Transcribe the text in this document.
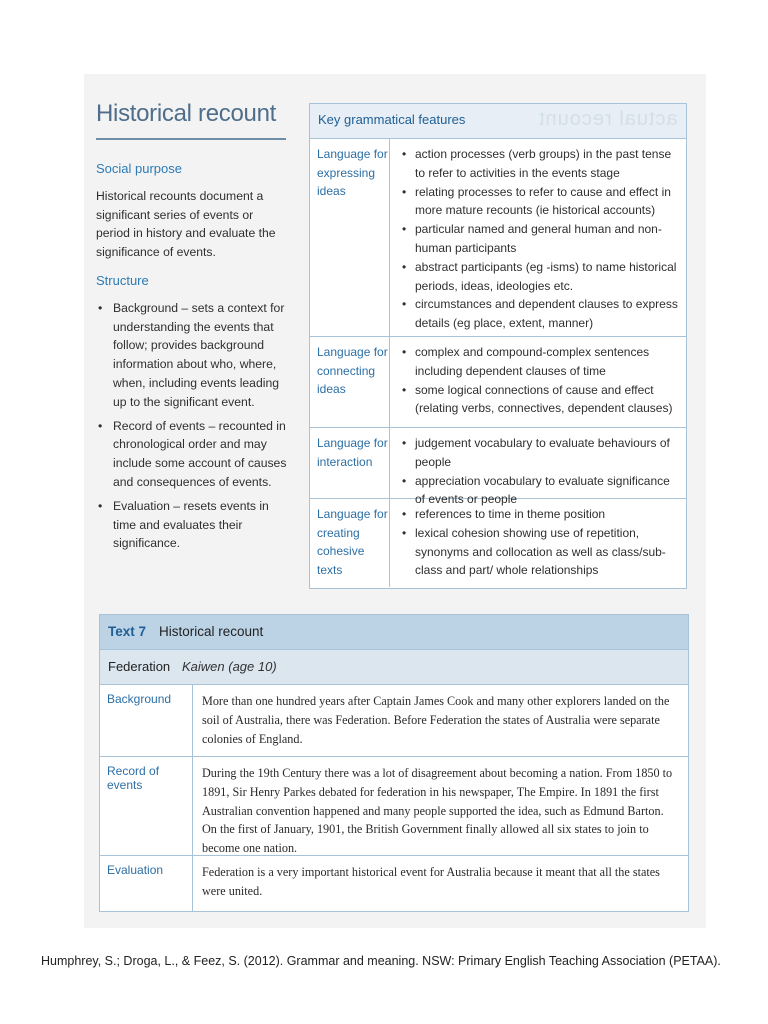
Historical recount
Social purpose

Historical recounts document a significant series of events or period in history and evaluate the significance of events.

Structure
• Background – sets a context for understanding the events that follow; provides background information about who, where, when, including events leading up to the significant event.
• Record of events – recounted in chronological order and may include some account of causes and consequences of events.
• Evaluation – resets events in time and evaluates their significance.
Key grammatical features	actual recount
Language for expressing ideas
• action processes (verb groups) in the past tense to refer to activities in the events stage
• relating processes to refer to cause and effect in more mature recounts (ie historical accounts)
• particular named and general human and non-human participants
• abstract participants (eg -isms) to name historical periods, ideas, ideologies etc.
• circumstances and dependent clauses to express details (eg place, extent, manner)
Language for connecting ideas
• complex and compound-complex sentences including dependent clauses of time
• some logical connections of cause and effect (relating verbs, connectives, dependent clauses)
Language for interaction
• judgement vocabulary to evaluate behaviours of people
• appreciation vocabulary to evaluate significance of events or people
Language for creating cohesive texts
• references to time in theme position
• lexical cohesion showing use of repetition, synonyms and collocation as well as class/sub-class and part/ whole relationships
Text 7 Historical recount
Federation Kaiwen (age 10)
Background	More than one hundred years after Captain James Cook and many other explorers landed on the soil of Australia, there was Federation. Before Federation the states of Australia were separate colonies of England.
Record of events
During the 19th Century there was a lot of disagreement about becoming a nation. From 1850 to 1891, Sir Henry Parkes debated for federation in his newspaper, The Empire. In 1891 the first Australian convention happened and many people supported the idea, such as Edmund Barton. On the first of January, 1901, the British Government finally allowed all six states to join to become one nation.
Evaluation	Federation is a very important historical event for Australia because it meant that all the states were united.
Humphrey, S.; Droga, L., & Feez, S. (2012). Grammar and meaning. NSW: Primary English Teaching Association (PETAA).
